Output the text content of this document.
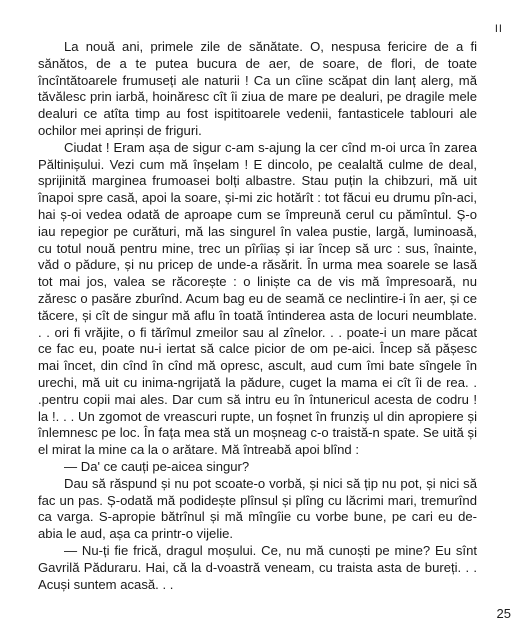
II

La nouă ani, primele zile de sănătate. O, nespusa fericire de a fi sănătos, de a te putea bucura de aer, de soare, de flori, de toate încîntătoarele frumuseți ale naturii ! Ca un cîine scăpat din lanț alerg, mă tăvălesc prin iarbă, hoinăresc cît îi ziua de mare pe dealuri, pe dragile mele dealuri ce atîta timp au fost ispititoarele vedenii, fantasticele tablouri ale ochilor mei aprinși de friguri.

Ciudat ! Eram așa de sigur c-am s-ajung la cer cînd m-oi urca în zarea Păltinișului. Vezi cum mă înșelam ! E dincolo, pe cealaltă culme de deal, sprijinită marginea frumoasei bolți albastre. Stau puțin la chibzuri, mă uit înapoi spre casă, apoi la soare, și-mi zic hotărît : tot făcui eu drumu pîn-aci, hai ș-oi vedea odată de aproape cum se împreună cerul cu pămîntul. Ș-o iau repegior pe curături, mă las singurel în valea pustie, largă, luminoasă, cu totul nouă pentru mine, trec un pîrîiaș și iar încep să urc : sus, înainte, văd o pădure, și nu pricep de unde-a răsărit. În urma mea soarele se lasă tot mai jos, valea se răcorește : o liniște ca de vis mă împresoară, nu zăresc o pasăre zburînd. Acum bag eu de seamă ce neclintire-i în aer, și ce tăcere, și cît de singur mă aflu în toată întinderea asta de locuri neumblate. . . ori fi vrăjite, o fi tărîmul zmeilor sau al zînelor. . . poate-i un mare păcat ce fac eu, poate nu-i iertat să calce picior de om pe-aici. Încep să pășesc mai încet, din cînd în cînd mă opresc, ascult, aud cum îmi bate sîngele în urechi, mă uit cu inima-ngrijată la pădure, cuget la mama ei cît îi de rea. . .pentru copii mai ales. Dar cum să intru eu în întunericul acesta de codru ! la !. . . Un zgomot de vreascuri rupte, un foșnet în frunziș ul din apropiere și înlemnesc pe loc. În fața mea stă un moșneag c-o traistă-n spate. Se uită și el mirat la mine ca la o arătare. Mă întreabă apoi blînd :

— Da' ce cauți pe-aicea singur?

Dau să răspund și nu pot scoate-o vorbă, și nici să țip nu pot, și nici să fac un pas. Ș-odată mă podidește plînsul și plîng cu lăcrimi mari, tremurînd ca varga. S-apropie bătrînul și mă mîngîie cu vorbe bune, pe cari eu de-abia le aud, așa ca printr-o vijelie.

— Nu-ți fie frică, dragul moșului. Ce, nu mă cunoști pe mine? Eu sînt Gavrilă Păduraru. Hai, că la d-voastră veneam, cu traista asta de bureți. . . Acuși suntem acasă. . .

25
